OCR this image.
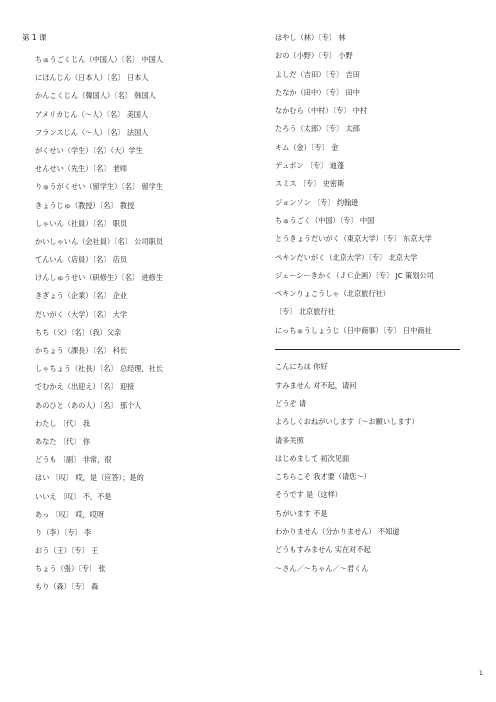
第 1 课
ちゅうごくじん（中国人）〔名〕 中国人
にほんじん（日本人）〔名〕 日本人
かんこくじん（韓国人）〔名〕 韩国人
アメリカじん（～人）〔名〕 美国人
フランスじん（～人）〔名〕 法国人
がくせい（学生）〔名〕（大）学生
せんせい（先生）〔名〕 老师
りゅうがくせい（留学生）〔名〕 留学生
きょうじゅ（教授）〔名〕 教授
しゃいん（社員）〔名〕 职员
かいしゃいん（会社員）〔名〕 公司职员
てんいん（店員）〔名〕 店员
けんしゅうせい（研修生）〔名〕 进修生
きぎょう（企業）〔名〕 企业
だいがく（大学）〔名〕 大学
ちち（父）〔名〕（我）父亲
かちょう（課長）〔名〕 科长
しゃちょう（社長）〔名〕 总经理，社长
でむかえ（出迎え）〔名〕 迎接
あのひと（あの人）〔名〕 那个人
わたし 〔代〕 我
あなた 〔代〕 你
どうも 〔副〕 非常，很
はい 〔叹〕 哎，是（应答）；是的
いいえ 〔叹〕 不，不是
あっ 〔叹〕 哎，哎呀
り（李）〔专〕 李
おう（王）〔专〕 王
ちょう（張）〔专〕 张
もり（森）〔专〕 森
はやし（林）〔专〕 林
おの（小野）〔专〕 小野
よしだ（吉田）〔专〕 吉田
たなか（田中）〔专〕 田中
なかむら（中村）〔专〕 中村
たろう（太郎）〔专〕 太郎
キム（金）〔专〕 金
デュポン 〔专〕 迪蓬
スミス 〔专〕 史密斯
ジョンソン 〔专〕 约翰逊
ちゅうごく（中国）〔专〕 中国
とうきょうだいがく（東京大学）〔专〕 东京大学
ペキンだいがく（北京大学）〔专〕 北京大学
ジェーシーきかく（ＪＣ企画）〔专〕 JC 策划公司
ペキンりょこうしゃ（北京旅行社）
〔专〕 北京旅行社
にっちゅうしょうじ（日中商事）〔专〕 日中商社
こんにちは 你好
すみません 对不起，请问
どうぞ 请
よろしくおねがいします（～お願いします）
请多关照
はじめまして 初次见面
こちらこそ 我才要（请您～）
そうです 是（这样）
ちがいます 不是
わかりません（分かりません） 不知道
どうもすみません 实在对不起
～さん／～ちゃん／～君くん
1
